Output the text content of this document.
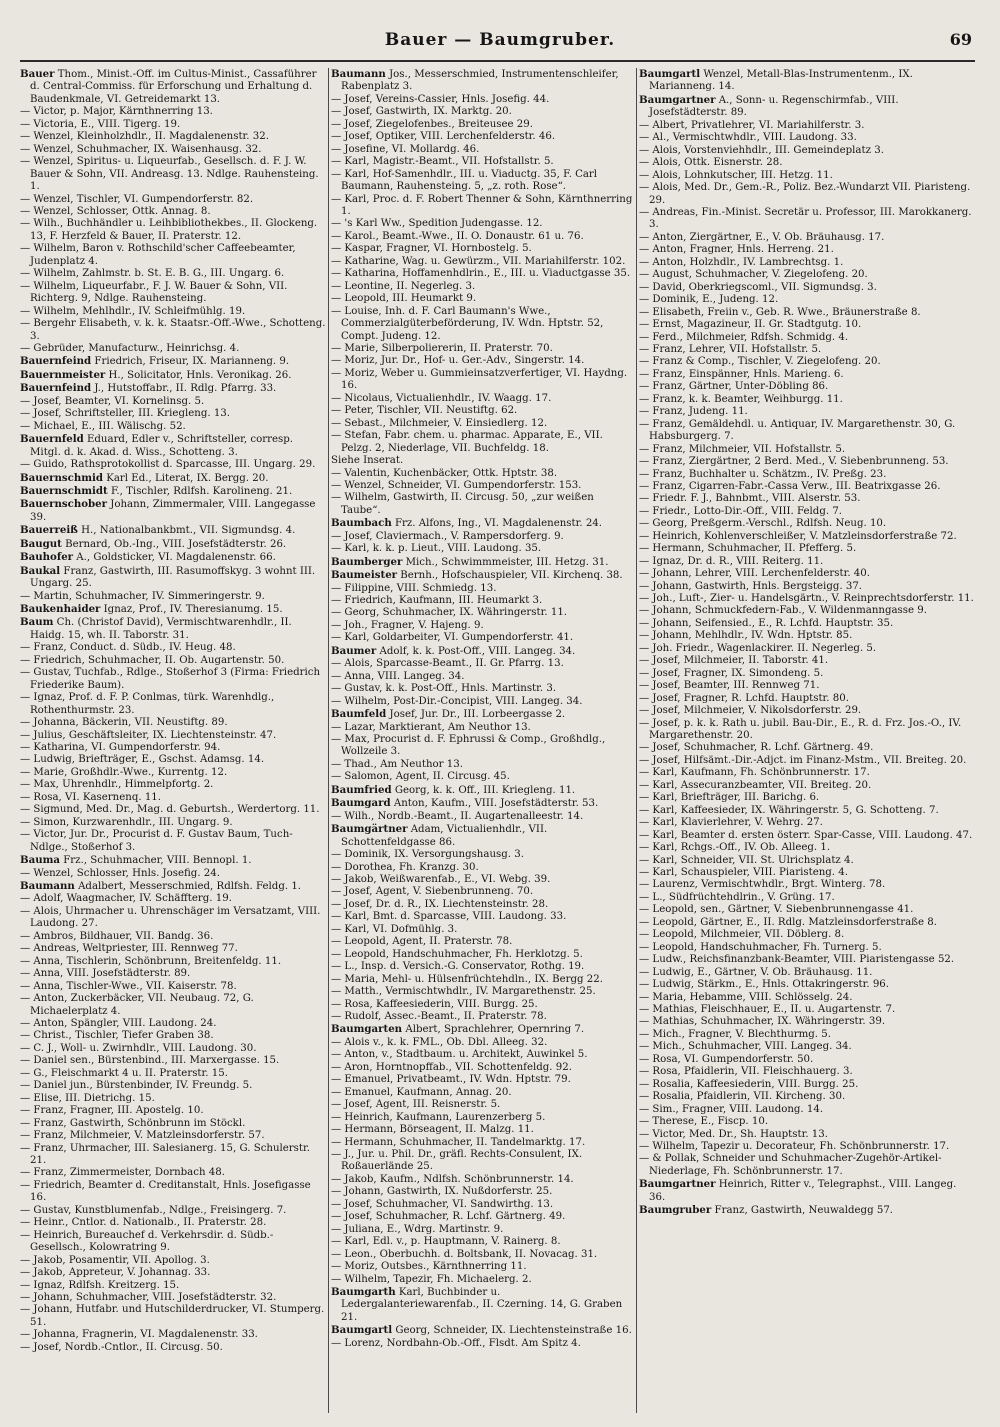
Bauer — Baumgruber.	69

Bauer Thom., Minist.-Off. im Cultus-Minist., Cassaführer d. Central-Commiss. für Erforschung und Erhaltung d. Baudenkmale, VI. Getreidemarkt 13.

— Victor, p. Major, Kärnthnerring 13.

— Victoria, E., VIII. Tigerg. 19.

— Wenzel, Kleinholzhdlr., II. Magdalenenstr. 32.

— Wenzel, Schuhmacher, IX. Waisenhausg. 32.

— Wenzel, Spiritus- u. Liqueurfab., Gesellsch. d. F. J. W. Bauer & Sohn, VII. Andreasg. 13. Ndlge. Rauhensteing. 1.

— Wenzel, Tischler, VI. Gumpendorferstr. 82.

— Wenzel, Schlosser, Ottk. Annag. 8.

— Wilh., Buchhändler u. Leihbibliothekbes., II. Glockeng. 13, F. Herzfeld & Bauer, II. Praterstr. 12.

— Wilhelm, Baron v. Rothschild'scher Caffeebeamter, Judenplatz 4.

— Wilhelm, Zahlmstr. b. St. E. B. G., III. Ungarg. 6.

— Wilhelm, Liqueurfabr., F. J. W. Bauer & Sohn, VII. Richterg. 9, Ndlge. Rauhensteing.

— Wilhelm, Mehlhdlr., IV. Schleifmühlg. 19.

— Bergehr Elisabeth, v. k. k. Staatsr.-Off.-Wwe., Schotteng. 3.

— Gebrüder, Manufacturw., Heinrichsg. 4.

Bauernfeind Friedrich, Friseur, IX. Marianneng. 9.

Bauernmeister H., Solicitator, Hnls. Veronikag. 26.

Bauernfeind J., Hutstoffabr., II. Rdlg. Pfarrg. 33.

— Josef, Beamter, VI. Kornelinsg. 5.

— Josef, Schriftsteller, III. Kriegleng. 13.

— Michael, E., III. Wälischg. 52.

Bauernfeld Eduard, Edler v., Schriftsteller, corresp. Mitgl. d. k. Akad. d. Wiss., Schotteng. 3.

— Guido, Rathsprotokollist d. Sparcasse, III. Ungarg. 29.

Bauernschmid Karl Ed., Literat, IX. Bergg. 20.

Bauernschmidt F., Tischler, Rdlfsh. Karolineng. 21.

Bauernschober Johann, Zimmermaler, VIII. Langegasse 39.

Bauerreiß H., Nationalbankbmt., VII. Sigmundsg. 4.

Baugut Bernard, Ob.-Ing., VIII. Josefstädterstr. 26.

Bauhofer A., Goldsticker, VI. Magdalenenstr. 66.

Baukal Franz, Gastwirth, III. Rasumoffskyg. 3 wohnt III. Ungarg. 25.

— Martin, Schuhmacher, IV. Simmeringerstr. 9.

Baukenhaider Ignaz, Prof., IV. Theresianumg. 15.

Baum Ch. (Christof David), Vermischtwarenhdlr., II. Haidg. 15, wh. II. Taborstr. 31.

— Franz, Conduct. d. Südb., IV. Heug. 48.

— Friedrich, Schuhmacher, II. Ob. Augartenstr. 50.

— Gustav, Tuchfab., Rdlge., Stoßerhof 3 (Firma: Friedrich Friederike Baum).

— Ignaz, Prof. d. F. P. Conlmas, türk. Warenhdlg., Rothenthurmstr. 23.

— Johanna, Bäckerin, VII. Neustiftg. 89.

— Julius, Geschäftsleiter, IX. Liechtensteinstr. 47.

— Katharina, VI. Gumpendorferstr. 94.

— Ludwig, Briefträger, E., Gschst. Adamsg. 14.

— Marie, Großhdlr.-Wwe., Kurrentg. 12.

— Max, Uhrenhdlr., Himmelpfortg. 2.

— Rosa, VI. Kasernenq. 11.

— Sigmund, Med. Dr., Mag. d. Geburtsh., Werdertorg. 11.

— Simon, Kurzwarenhdlr., III. Ungarg. 9.

— Victor, Jur. Dr., Procurist d. F. Gustav Baum, Tuch-Ndlge., Stoßerhof 3.

Bauma Frz., Schuhmacher, VIII. Bennopl. 1.

— Wenzel, Schlosser, Hnls. Josefig. 24.

Baumann Adalbert, Messerschmied, Rdlfsh. Feldg. 1.

— Adolf, Waagmacher, IV. Schäffterg. 19.

— Alois, Uhrmacher u. Uhrenschäger im Versatzamt, VIII. Laudong. 27.

— Ambros, Bildhauer, VII. Bandg. 36.

— Andreas, Weltpriester, III. Rennweg 77.

— Anna, Tischlerin, Schönbrunn, Breitenfeldg. 11.

— Anna, VIII. Josefstädterstr. 89.

— Anna, Tischler-Wwe., VII. Kaiserstr. 78.

— Anton, Zuckerbäcker, VII. Neubaug. 72, G. Michaelerplatz 4.

— Anton, Spängler, VIII. Laudong. 24.

— Christ., Tischler, Tiefer Graben 38.

— C. J., Woll- u. Zwirnhdlr., VIII. Laudong. 30.

— Daniel sen., Bürstenbind., III. Marxergasse. 15.

— G., Fleischmarkt 4 u. II. Praterstr. 15.

— Daniel jun., Bürstenbinder, IV. Freundg. 5.

— Elise, III. Dietrichg. 15.

— Franz, Fragner, III. Apostelg. 10.

— Franz, Gastwirth, Schönbrunn im Stöckl.

— Franz, Milchmeier, V. Matzleinsdorferstr. 57.

— Franz, Uhrmacher, III. Salesianerg. 15, G. Schulerstr. 21.

— Franz, Zimmermeister, Dornbach 48.

— Friedrich, Beamter d. Creditanstalt, Hnls. Josefigasse 16.

— Gustav, Kunstblumenfab., Ndlge., Freisingerg. 7.

— Heinr., Cntlor. d. Nationalb., II. Praterstr. 28.

— Heinrich, Bureauchef d. Verkehrsdir. d. Südb.-Gesellsch., Kolowratring 9.

— Jakob, Posamentir, VII. Apollog. 3.

— Jakob, Appreteur, V. Johannag. 33.

— Ignaz, Rdlfsh. Kreitzerg. 15.

— Johann, Schuhmacher, VIII. Josefstädterstr. 32.

— Johann, Hutfabr. und Hutschilderdrucker, VI. Stumperg. 51.

— Johanna, Fragnerin, VI. Magdalenenstr. 33.

— Josef, Nordb.-Cntlor., II. Circusg. 50.

Baumann Jos., Messerschmied, Instrumentenschleifer, Rabenplatz 3.

— Josef, Vereins-Cassier, Hnls. Josefig. 44.

— Josef, Gastwirth, IX. Marktg. 20.

— Josef, Ziegelofenbes., Breiteusee 29.

— Josef, Optiker, VIII. Lerchenfelderstr. 46.

— Josefine, VI. Mollardg. 46.

— Karl, Magistr.-Beamt., VII. Hofstallstr. 5.

— Karl, Hof-Samenhdlr., III. u. Viaductg. 35, F. Carl Baumann, Rauhensteing. 5, „z. roth. Rose“.

— Karl, Proc. d. F. Robert Thenner & Sohn, Kärnthnerring 1.

— 's Karl Ww., Spedition Judengasse. 12.

— Karol., Beamt.-Wwe., II. O. Donaustr. 61 u. 76.

— Kaspar, Fragner, VI. Hornbostelg. 5.

— Katharine, Wag. u. Gewürzm., VII. Mariahilferstr. 102.

— Katharina, Hoffamenhdlrin., E., III. u. Viaductgasse 35.

— Leontine, II. Negerleg. 3.

— Leopold, III. Heumarkt 9.

— Louise, Inh. d. F. Carl Baumann's Wwe., Commerzialgüterbeförderung, IV. Wdn. Hptstr. 52, Compt. Judeng. 12.

— Marie, Silberpoliererin, II. Praterstr. 70.

— Moriz, Jur. Dr., Hof- u. Ger.-Adv., Singerstr. 14.

— Moriz, Weber u. Gummieinsatzverfertiger, VI. Haydng. 16.

— Nicolaus, Victualienhdlr., IV. Waagg. 17.

— Peter, Tischler, VII. Neustiftg. 62.

— Sebast., Milchmeier, V. Einsiedlerg. 12.

— Stefan, Fabr. chem. u. pharmac. Apparate, E., VII. Pelzg. 2, Niederlage, VII. Buchfeldg. 18.

Siehe Inserat.

— Valentin, Kuchenbäcker, Ottk. Hptstr. 38.

— Wenzel, Schneider, VI. Gumpendorferstr. 153.

— Wilhelm, Gastwirth, II. Circusg. 50, „zur weißen Taube“.

Baumbach Frz. Alfons, Ing., VI. Magdalenenstr. 24.

— Josef, Claviermach., V. Rampersdorferg. 9.

— Karl, k. k. p. Lieut., VIII. Laudong. 35.

Baumberger Mich., Schwimmmeister, III. Hetzg. 31.

Baumeister Bernh., Hofschauspieler, VII. Kirchenq. 38.

— Filippine, VIII. Schmiedg. 13.

— Friedrich, Kaufmann, III. Heumarkt 3.

— Georg, Schuhmacher, IX. Währingerstr. 11.

— Joh., Fragner, V. Hajeng. 9.

— Karl, Goldarbeiter, VI. Gumpendorferstr. 41.

Baumer Adolf, k. k. Post-Off., VIII. Langeg. 34.

— Alois, Sparcasse-Beamt., II. Gr. Pfarrg. 13.

— Anna, VIII. Langeg. 34.

— Gustav, k. k. Post-Off., Hnls. Martinstr. 3.

— Wilhelm, Post-Dir.-Concipist, VIII. Langeg. 34.

Baumfeld Josef, Jur. Dr., III. Lorbeergasse 2.

— Lazar, Marktierant, Am Neuthor 13.

— Max, Procurist d. F. Ephrussi & Comp., Großhdlg., Wollzeile 3.

— Thad., Am Neuthor 13.

— Salomon, Agent, II. Circusg. 45.

Baumfried Georg, k. k. Off., III. Kriegleng. 11.

Baumgard Anton, Kaufm., VIII. Josefstädterstr. 53.

— Wilh., Nordb.-Beamt., II. Augartenalleestr. 14.

Baumgärtner Adam, Victualienhdlr., VII. Schottenfeldgasse 86.

— Dominik, IX. Versorgungshausg. 3.

— Dorothea, Fh. Kranzg. 30.

— Jakob, Weißwarenfab., E., VI. Webg. 39.

— Josef, Agent, V. Siebenbrunneng. 70.

— Josef, Dr. d. R., IX. Liechtensteinstr. 28.

— Karl, Bmt. d. Sparcasse, VIII. Laudong. 33.

— Karl, VI. Dofmühlg. 3.

— Leopold, Agent, II. Praterstr. 78.

— Leopold, Handschuhmacher, Fh. Herklotzg. 5.

— L., Insp. d. Versich.-G. Conservator, Rothg. 19.

— Maria, Mehl- u. Hülsenfrüchtehdln., IX. Bergg 22.

— Matth., Vermischtwhdlr., IV. Margarethenstr. 25.

— Rosa, Kaffeesiederin, VIII. Burgg. 25.

— Rudolf, Assec.-Beamt., II. Praterstr. 78.

Baumgarten Albert, Sprachlehrer, Opernring 7.

— Alois v., k. k. FML., Ob. Dbl. Alleeg. 32.

— Anton, v., Stadtbaum. u. Architekt, Auwinkel 5.

— Aron, Horntnopffab., VII. Schottenfeldg. 92.

— Emanuel, Privatbeamt., IV. Wdn. Hptstr. 79.

— Emanuel, Kaufmann, Annag. 20.

— Josef, Agent, III. Reisnerstr. 5.

— Heinrich, Kaufmann, Laurenzerberg 5.

— Hermann, Börseagent, II. Malzg. 11.

— Hermann, Schuhmacher, II. Tandelmarktg. 17.

— J., Jur. u. Phil. Dr., gräfl. Rechts-Consulent, IX. Roßauerlände 25.

— Jakob, Kaufm., Ndlfsh. Schönbrunnerstr. 14.

— Johann, Gastwirth, IX. Nußdorferstr. 25.

— Josef, Schuhmacher, VI. Sandwirthg. 13.

— Josef, Schuhmacher, R. Lchf. Gärtnerg. 49.

— Juliana, E., Wdrg. Martinstr. 9.

— Karl, Edl. v., p. Hauptmann, V. Rainerg. 8.

— Leon., Oberbuchh. d. Boltsbank, II. Novacag. 31.

— Moriz, Outsbes., Kärnthnerring 11.

— Wilhelm, Tapezir, Fh. Michaelerg. 2.

Baumgarth Karl, Buchbinder u. Ledergalanteriewarenfab., II. Czerning. 14, G. Graben 21.

Baumgartl Georg, Schneider, IX. Liechtensteinstraße 16.

— Lorenz, Nordbahn-Ob.-Off., Flsdt. Am Spitz 4.

Baumgartl Wenzel, Metall-Blas-Instrumentenm., IX. Marianneng. 14.

Baumgartner A., Sonn- u. Regenschirmfab., VIII. Josefstädterstr. 89.

— Albert, Privatlehrer, VI. Mariahilferstr. 3.

— Al., Vermischtwhdlr., VIII. Laudong. 33.

— Alois, Vorstenviehhdlr., III. Gemeindeplatz 3.

— Alois, Ottk. Eisnerstr. 28.

— Alois, Lohnkutscher, III. Hetzg. 11.

— Alois, Med. Dr., Gem.-R., Poliz. Bez.-Wundarzt VII. Piaristeng. 29.

— Andreas, Fin.-Minist. Secretär u. Professor, III. Marokkanerg. 3.

— Anton, Ziergärtner, E., V. Ob. Bräuhausg. 17.

— Anton, Fragner, Hnls. Herreng. 21.

— Anton, Holzhdlr., IV. Lambrechtsg. 1.

— August, Schuhmacher, V. Ziegelofeng. 20.

— David, Oberkriegscoml., VII. Sigmundsg. 3.

— Dominik, E., Judeng. 12.

— Elisabeth, Freiin v., Geb. R. Wwe., Bräunerstraße 8.

— Ernst, Magazineur, II. Gr. Stadtgutg. 10.

— Ferd., Milchmeier, Rdfsh. Schmidg. 4.

— Franz, Lehrer, VII. Hofstallstr. 5.

— Franz & Comp., Tischler, V. Ziegelofeng. 20.

— Franz, Einspänner, Hnls. Marieng. 6.

— Franz, Gärtner, Unter-Döbling 86.

— Franz, k. k. Beamter, Weihburgg. 11.

— Franz, Judeng. 11.

— Franz, Gemäldehdl. u. Antiquar, IV. Margarethenstr. 30, G. Habsburgerg. 7.

— Franz, Milchmeier, VII. Hofstallstr. 5.

— Franz, Ziergärtner, 2 Berd. Med., V. Siebenbrunneng. 53.

— Franz, Buchhalter u. Schätzm., IV. Preßg. 23.

— Franz, Cigarren-Fabr.-Cassa Verw., III. Beatrixgasse 26.

— Friedr. F. J., Bahnbmt., VIII. Alserstr. 53.

— Friedr., Lotto-Dir.-Off., VIII. Feldg. 7.

— Georg, Preßgerm.-Verschl., Rdlfsh. Neug. 10.

— Heinrich, Kohlenverschleißer, V. Matzleinsdorferstraße 72.

— Hermann, Schuhmacher, II. Pfefferg. 5.

— Ignaz, Dr. d. R., VIII. Reiterg. 11.

— Johann, Lehrer, VIII. Lerchenfelderstr. 40.

— Johann, Gastwirth, Hnls. Bergsteigg. 37.

— Joh., Luft-, Zier- u. Handelsgärtn., V. Reinprechtsdorferstr. 11.

— Johann, Schmuckfedern-Fab., V. Wildenmanngasse 9.

— Johann, Seifensied., E., R. Lchfd. Hauptstr. 35.

— Johann, Mehlhdlr., IV. Wdn. Hptstr. 85.

— Joh. Friedr., Wagenlackirer. II. Negerleg. 5.

— Josef, Milchmeier, II. Taborstr. 41.

— Josef, Fragner, IX. Simondeng. 5.

— Josef, Beamter, III. Rennweg 71.

— Josef, Fragner, R. Lchfd. Hauptstr. 80.

— Josef, Milchmeier, V. Nikolsdorferstr. 29.

— Josef, p. k. k. Rath u. jubil. Bau-Dir., E., R. d. Frz. Jos.-O., IV. Margarethenstr. 20.

— Josef, Schuhmacher, R. Lchf. Gärtnerg. 49.

— Josef, Hilfsämt.-Dir.-Adjct. im Finanz-Mstm., VII. Breiteg. 20.

— Karl, Kaufmann, Fh. Schönbrunnerstr. 17.

— Karl, Assecuranzbeamter, VII. Breiteg. 20.

— Karl, Briefträger, III. Barichg. 6.

— Karl, Kaffeesieder, IX. Währingerstr. 5, G. Schotteng. 7.

— Karl, Klavierlehrer, V. Wehrg. 27.

— Karl, Beamter d. ersten österr. Spar-Casse, VIII. Laudong. 47.

— Karl, Rchgs.-Off., IV. Ob. Alleeg. 1.

— Karl, Schneider, VII. St. Ulrichsplatz 4.

— Karl, Schauspieler, VIII. Piaristeng. 4.

— Laurenz, Vermischtwhdlr., Brgt. Winterg. 78.

— L., Südfrüchtehdlrin., V. Grüng. 17.

— Leopold, sen., Gärtner, V. Siebenbrunnengasse 41.

— Leopold, Gärtner, E., II. Rdlg. Matzleinsdorferstraße 8.

— Leopold, Milchmeier, VII. Döblerg. 8.

— Leopold, Handschuhmacher, Fh. Turnerg. 5.

— Ludw., Reichsfinanzbank-Beamter, VIII. Piaristengasse 52.

— Ludwig, E., Gärtner, V. Ob. Bräuhausg. 11.

— Ludwig, Stärkm., E., Hnls. Ottakringerstr. 96.

— Maria, Hebamme, VIII. Schlösselg. 24.

— Mathias, Fleischhauer, E., II. u. Augartenstr. 7.

— Mathias, Schuhmacher, IX. Währingerstr. 39.

— Mich., Fragner, V. Blechthurmg. 5.

— Mich., Schuhmacher, VIII. Langeg. 34.

— Rosa, VI. Gumpendorferstr. 50.

— Rosa, Pfaidlerin, VII. Fleischhauerg. 3.

— Rosalia, Kaffeesiederin, VIII. Burgg. 25.

— Rosalia, Pfaidlerin, VII. Kircheng. 30.

— Sim., Fragner, VIII. Laudong. 14.

— Therese, E., Fiscp. 10.

— Victor, Med. Dr., Sh. Hauptstr. 13.

— Wilhelm, Tapezir u. Decorateur, Fh. Schönbrunnerstr. 17.

— & Pollak, Schneider und Schuhmacher-Zugehör-Artikel-Niederlage, Fh. Schönbrunnerstr. 17.

Baumgartner Heinrich, Ritter v., Telegraphst., VIII. Langeg. 36.

Baumgruber Franz, Gastwirth, Neuwaldegg 57.
